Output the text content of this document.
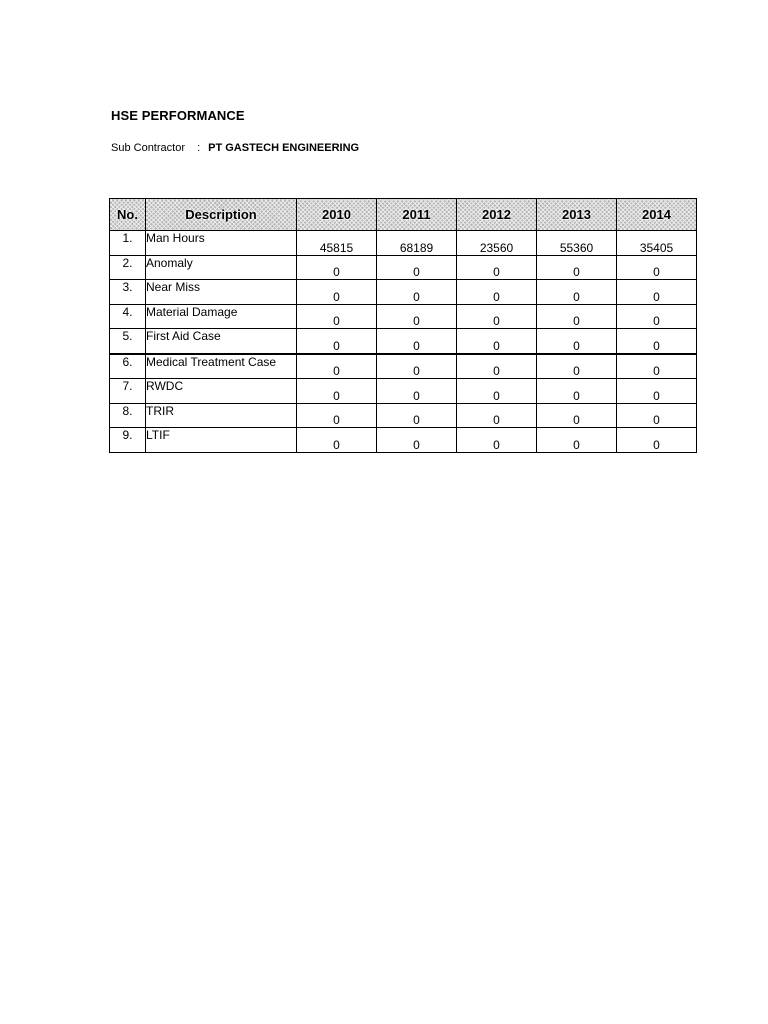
HSE PERFORMANCE
Sub Contractor : PT GASTECH ENGINEERING
No.	Description	2010	2011	2012	2013	2014
1.	Man Hours	45815	68189	23560	55360	35405
2.	Anomaly	0	0	0	0	0
3.	Near Miss	0	0	0	0	0
4.	Material Damage	0	0	0	0	0
5.	First Aid Case	0	0	0	0	0
6.	Medical Treatment Case	0	0	0	0	0
7.	RWDC	0	0	0	0	0
8.	TRIR	0	0	0	0	0
9.	LTIF	0	0	0	0	0
